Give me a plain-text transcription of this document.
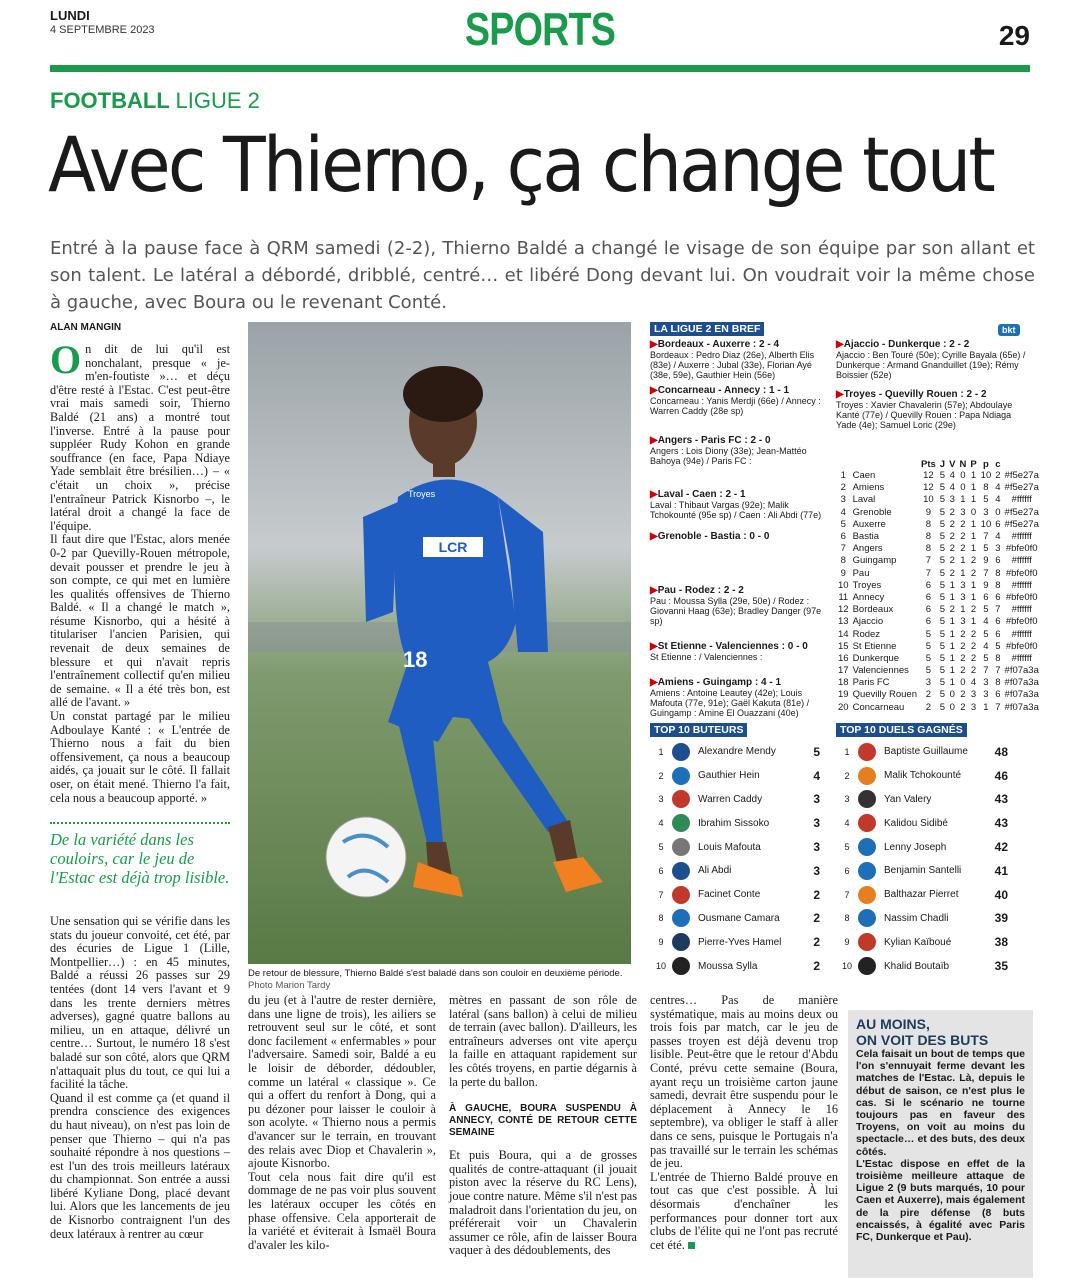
LUNDI
4 SEPTEMBRE 2023	SPORTS	29
FOOTBALL LIGUE 2
Avec Thierno, ça change tout
Entré à la pause face à QRM samedi (2-2), Thierno Baldé a changé le visage de son équipe par son allant et son talent. Le latéral a débordé, dribblé, centré… et libéré Dong devant lui. On voudrait voir la même chose à gauche, avec Boura ou le revenant Conté.
ALAN MANGIN
O n dit de lui qu'il est nonchalant, presque « je-m'en-foutiste »… et déçu d'être resté à l'Estac. C'est peut-être vrai mais samedi soir, Thierno Baldé (21 ans) a montré tout l'inverse. Entré à la pause pour suppléer Rudy Kohon en grande souffrance (en face, Papa Ndiaye Yade semblait être brésilien…) – « c'était un choix », précise l'entraîneur Patrick Kisnorbo –, le latéral droit a changé la face de l'équipe.

Il faut dire que l'Estac, alors menée 0-2 par Quevilly-Rouen métropole, devait pousser et prendre le jeu à son compte, ce qui met en lumière les qualités offensives de Thierno Baldé. « Il a changé le match », résume Kisnorbo, qui a hésité à titulariser l'ancien Parisien, qui revenait de deux semaines de blessure et qui n'avait repris l'entraînement collectif qu'en milieu de semaine. « Il a été très bon, est allé de l'avant. »

Un constat partagé par le milieu Adboulaye Kanté : « L'entrée de Thierno nous a fait du bien offensivement, ça nous a beaucoup aidés, ça jouait sur le côté. Il fallait oser, on était mené. Thierno l'a fait, cela nous a beaucoup apporté. »

De la variété dans les couloirs, car le jeu de l'Estac est déjà trop lisible.

Une sensation qui se vérifie dans les stats du joueur convoité, cet été, par des écuries de Ligue 1 (Lille, Montpellier…) : en 45 minutes, Baldé a réussi 26 passes sur 29 tentées (dont 14 vers l'avant et 9 dans les trente derniers mètres adverses), gagné quatre ballons au milieu, un en attaque, délivré un centre… Surtout, le numéro 18 s'est baladé sur son côté, alors que QRM n'attaquait plus du tout, ce qui lui a facilité la tâche.

Quand il est comme ça (et quand il prendra conscience des exigences du haut niveau), on n'est pas loin de penser que Thierno – qui n'a pas souhaité répondre à nos questions – est l'un des trois meilleurs latéraux du championnat. Son entrée a aussi libéré Kyliane Dong, placé devant lui. Alors que les lancements de jeu de Kisnorbo contraignent l'un des deux latéraux à rentrer au cœur

LCR
Troyes
18
De retour de blessure, Thierno Baldé s'est baladé dans son couloir en deuxième période. Photo Marion Tardy

du jeu (et à l'autre de rester dernière, dans une ligne de trois), les ailiers se retrouvent seul sur le côté, et sont donc facilement « enfermables » pour l'adversaire. Samedi soir, Baldé a eu le loisir de déborder, dédoubler, comme un latéral « classique ». Ce qui a offert du renfort à Dong, qui a pu dézoner pour laisser le couloir à son acolyte. « Thierno nous a permis d'avancer sur le terrain, en trouvant des relais avec Diop et Chavalerin », ajoute Kisnorbo.

Tout cela nous fait dire qu'il est dommage de ne pas voir plus souvent les latéraux occuper les côtés en phase offensive. Cela apporterait de la variété et éviterait à Ismaël Boura d'avaler les kilo-

mètres en passant de son rôle de latéral (sans ballon) à celui de milieu de terrain (avec ballon). D'ailleurs, les entraîneurs adverses ont vite aperçu la faille en attaquant rapidement sur les côtés troyens, en partie dégarnis à la perte du ballon.

À GAUCHE, BOURA SUSPENDU À ANNECY, CONTÉ DE RETOUR CETTE SEMAINE

Et puis Boura, qui a de grosses qualités de contre-attaquant (il jouait piston avec la réserve du RC Lens), joue contre nature. Même s'il n'est pas maladroit dans l'orientation du jeu, on préférerait voir un Chavalerin assumer ce rôle, afin de laisser Boura vaquer à des dédoublements, des

centres… Pas de manière systématique, mais au moins deux ou trois fois par match, car le jeu de passes troyen est déjà devenu trop lisible. Peut-être que le retour d'Abdu Conté, prévu cette semaine (Boura, ayant reçu un troisième carton jaune samedi, devrait être suspendu pour le déplacement à Annecy le 16 septembre), va obliger le staff à aller dans ce sens, puisque le Portugais n'a pas travaillé sur le terrain les schémas de jeu.

L'entrée de Thierno Baldé prouve en tout cas que c'est possible. À lui désormais d'enchaîner les performances pour donner tort aux clubs de l'élite qui ne l'ont pas recruté cet été.

LA LIGUE 2 EN BREF	bkt
▶ Bordeaux - Auxerre : 2 - 4
Bordeaux : Pedro Diaz (26e), Alberth Elis (83e) / Auxerre : Jubal (33e), Florian Ayé (38e, 59e), Gauthier Hein (56e)
▶ Concarneau - Annecy : 1 - 1
Concarneau : Yanis Merdji (66e) / Annecy : Warren Caddy (28e sp)
▶ Angers - Paris FC : 2 - 0
Angers : Lois Diony (33e); Jean-Mattéo Bahoya (94e) / Paris FC :
▶ Laval - Caen : 2 - 1
Laval : Thibaut Vargas (92e); Malik Tchokounté (95e sp) / Caen : Ali Abdi (77e)
▶ Grenoble - Bastia : 0 - 0
▶ Pau - Rodez : 2 - 2
Pau : Moussa Sylla (29e, 50e) / Rodez : Giovanni Haag (63e); Bradley Danger (97e sp)
▶ St Etienne - Valenciennes : 0 - 0
St Etienne : / Valenciennes :
▶ Amiens - Guingamp : 4 - 1
Amiens : Antoine Leautey (42e); Louis Mafouta (77e, 91e); Gaël Kakuta (81e) / Guingamp : Amine El Ouazzani (40e)
▶ Ajaccio - Dunkerque : 2 - 2
Ajaccio : Ben Touré (50e); Cyrille Bayala (65e) / Dunkerque : Armand Gnanduillet (19e); Rémy Boissier (52e)
▶ Troyes - Quevilly Rouen : 2 - 2
Troyes : Xavier Chavalerin (57e); Abdoulaye Kanté (77e) / Quevilly Rouen : Papa Ndiaga Yade (4e); Samuel Loric (29e)
		Pts	J	V	N	P	p	c	
1	Caen	12	5	4	0	1	10	2	#f5e27a
2	Amiens	12	5	4	0	1	8	4	#f5e27a
3	Laval	10	5	3	1	1	5	4	#ffffff
4	Grenoble	9	5	2	3	0	3	0	#f5e27a
5	Auxerre	8	5	2	2	1	10	6	#f5e27a
6	Bastia	8	5	2	2	1	7	4	#ffffff
7	Angers	8	5	2	2	1	5	3	#bfe0f0
8	Guingamp	7	5	2	1	2	9	6	#ffffff
9	Pau	7	5	2	1	2	7	8	#bfe0f0
10	Troyes	6	5	1	3	1	9	8	#ffffff
11	Annecy	6	5	1	3	1	6	6	#bfe0f0
12	Bordeaux	6	5	2	1	2	5	7	#ffffff
13	Ajaccio	6	5	1	3	1	4	6	#bfe0f0
14	Rodez	5	5	1	2	2	5	6	#ffffff
15	St Etienne	5	5	1	2	2	4	5	#bfe0f0
16	Dunkerque	5	5	1	2	2	5	8	#ffffff
17	Valenciennes	5	5	1	2	2	7	7	#f07a3a
18	Paris FC	3	5	1	0	4	3	8	#f07a3a
19	Quevilly Rouen	2	5	0	2	3	3	6	#f07a3a
20	Concarneau	2	5	0	2	3	1	7	#f07a3a
TOP 10 BUTEURS
1	Alexandre Mendy	5
2	Gauthier Hein	4
3	Warren Caddy	3
4	Ibrahim Sissoko	3
5	Louis Mafouta	3
6	Ali Abdi	3
7	Facinet Conte	2
8	Ousmane Camara	2
9	Pierre-Yves Hamel	2
10	Moussa Sylla	2
TOP 10 DUELS GAGNÉS
1	Baptiste Guillaume	48
2	Malik Tchokounté	46
3	Yan Valery	43
4	Kalidou Sidibé	43
5	Lenny Joseph	42
6	Benjamin Santelli	41
7	Balthazar Pierret	40
8	Nassim Chadli	39
9	Kylian Kaïboué	38
10	Khalid Boutaïb	35
AU MOINS,
ON VOIT DES BUTS

Cela faisait un bout de temps que l'on s'ennuyait ferme devant les matches de l'Estac. Là, depuis le début de saison, ce n'est plus le cas. Si le scénario ne tourne toujours pas en faveur des Troyens, on voit au moins du spectacle… et des buts, des deux côtés.

L'Estac dispose en effet de la troisième meilleure attaque de Ligue 2 (9 buts marqués, 10 pour Caen et Auxerre), mais également de la pire défense (8 buts encaissés, à égalité avec Paris FC, Dunkerque et Pau).
